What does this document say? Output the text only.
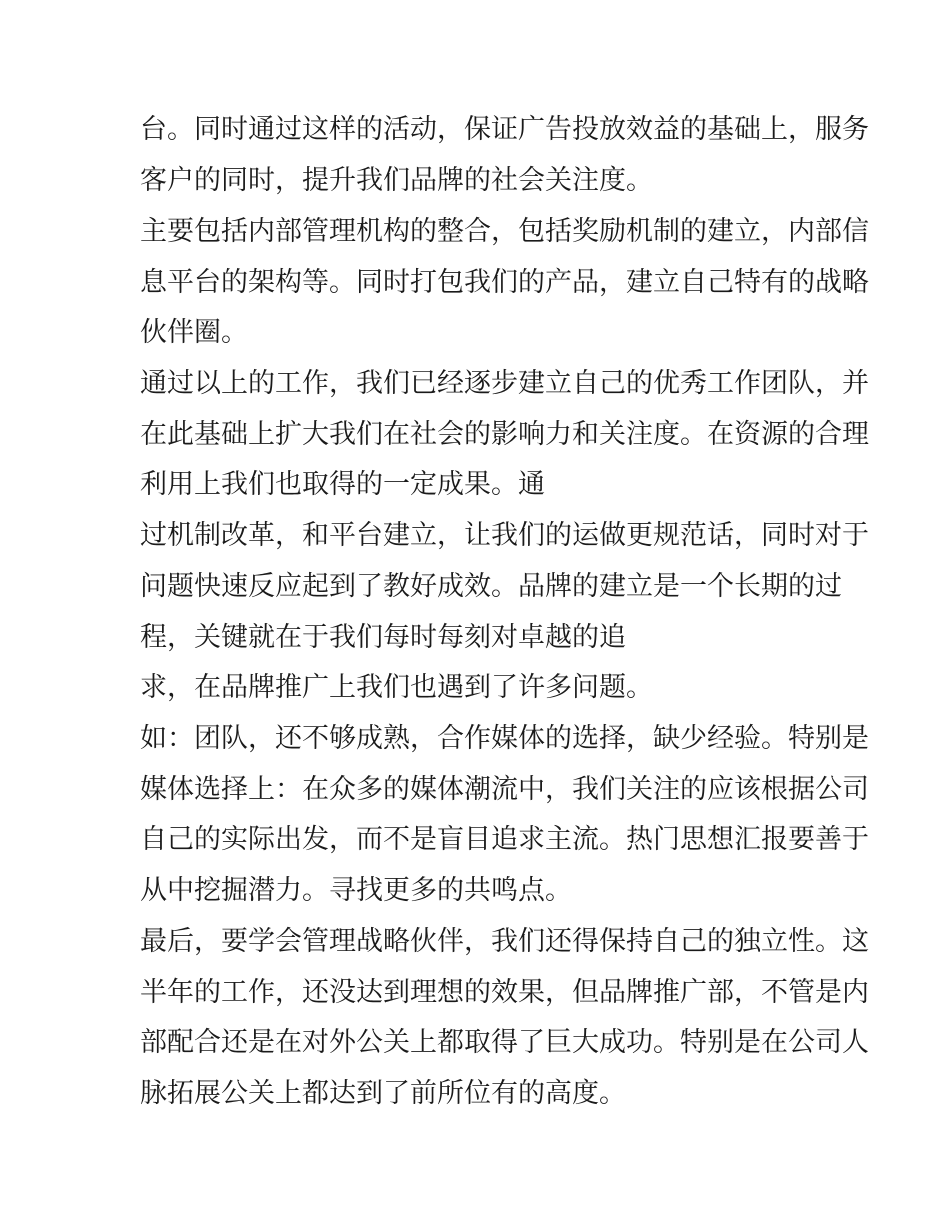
台。同时通过这样的活动，保证广告投放效益的基础上，服务
客户的同时，提升我们品牌的社会关注度。
主要包括内部管理机构的整合，包括奖励机制的建立，内部信
息平台的架构等。同时打包我们的产品，建立自己特有的战略
伙伴圈。
通过以上的工作，我们已经逐步建立自己的优秀工作团队，并
在此基础上扩大我们在社会的影响力和关注度。在资源的合理
利用上我们也取得的一定成果。通
过机制改革，和平台建立，让我们的运做更规范话，同时对于
问题快速反应起到了教好成效。品牌的建立是一个长期的过
程，关键就在于我们每时每刻对卓越的追
求，在品牌推广上我们也遇到了许多问题。
如：团队，还不够成熟，合作媒体的选择，缺少经验。特别是
媒体选择上：在众多的媒体潮流中，我们关注的应该根据公司
自己的实际出发，而不是盲目追求主流。热门思想汇报要善于
从中挖掘潜力。寻找更多的共鸣点。
最后，要学会管理战略伙伴，我们还得保持自己的独立性。这
半年的工作，还没达到理想的效果，但品牌推广部，不管是内
部配合还是在对外公关上都取得了巨大成功。特别是在公司人
脉拓展公关上都达到了前所位有的高度。
